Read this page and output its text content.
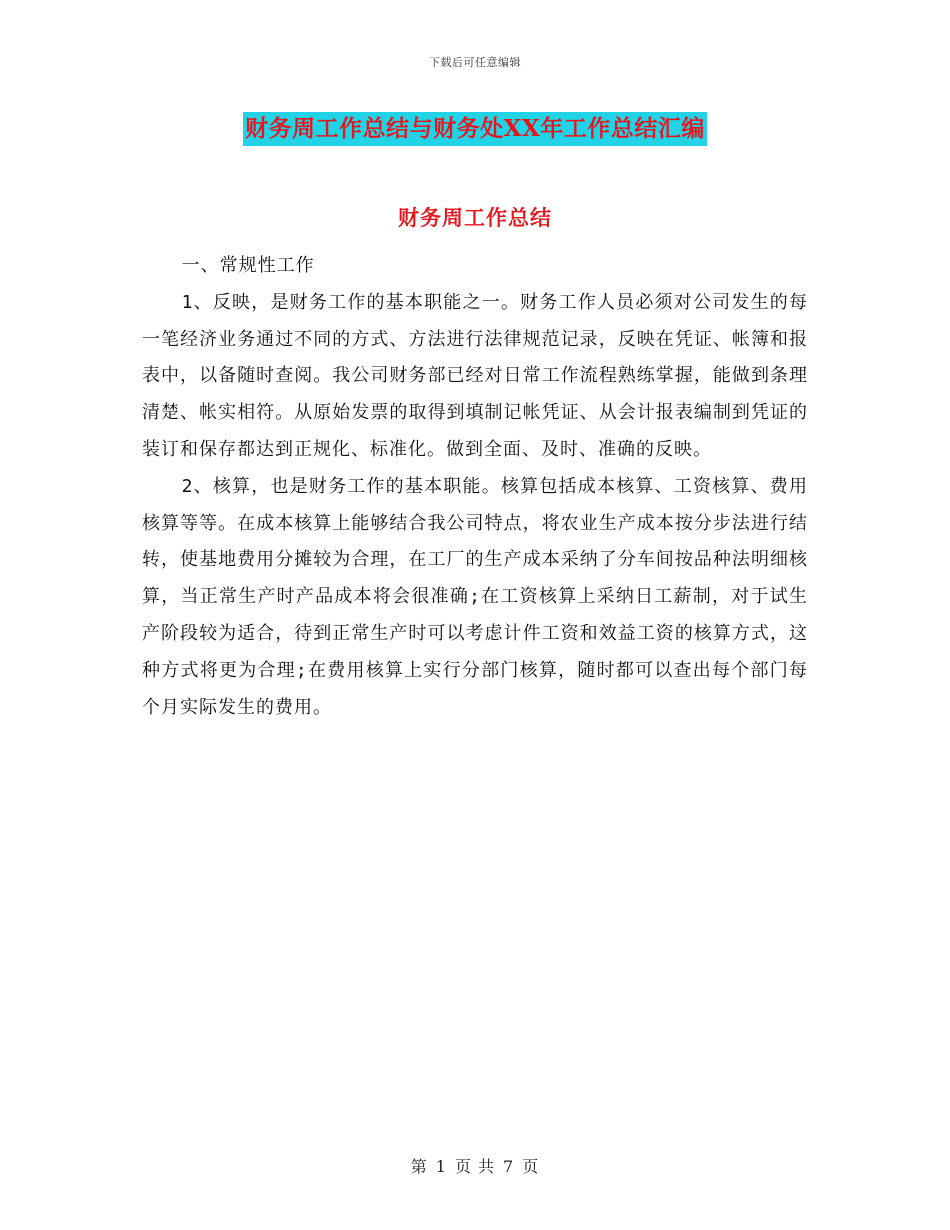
下载后可任意编辑
财务周工作总结与财务处XX年工作总结汇编
财务周工作总结

一、常规性工作

1、反映，是财务工作的基本职能之一。财务工作人员必须对公司发生的每一笔经济业务通过不同的方式、方法进行法律规范记录，反映在凭证、帐簿和报表中，以备随时查阅。我公司财务部已经对日常工作流程熟练掌握，能做到条理清楚、帐实相符。从原始发票的取得到填制记帐凭证、从会计报表编制到凭证的装订和保存都达到正规化、标准化。做到全面、及时、准确的反映。

2、核算，也是财务工作的基本职能。核算包括成本核算、工资核算、费用核算等等。在成本核算上能够结合我公司特点，将农业生产成本按分步法进行结转，使基地费用分摊较为合理，在工厂的生产成本采纳了分车间按品种法明细核算，当正常生产时产品成本将会很准确;在工资核算上采纳日工薪制，对于试生产阶段较为适合，待到正常生产时可以考虑计件工资和效益工资的核算方式，这种方式将更为合理;在费用核算上实行分部门核算，随时都可以查出每个部门每个月实际发生的费用。

第 1 页 共 7 页
